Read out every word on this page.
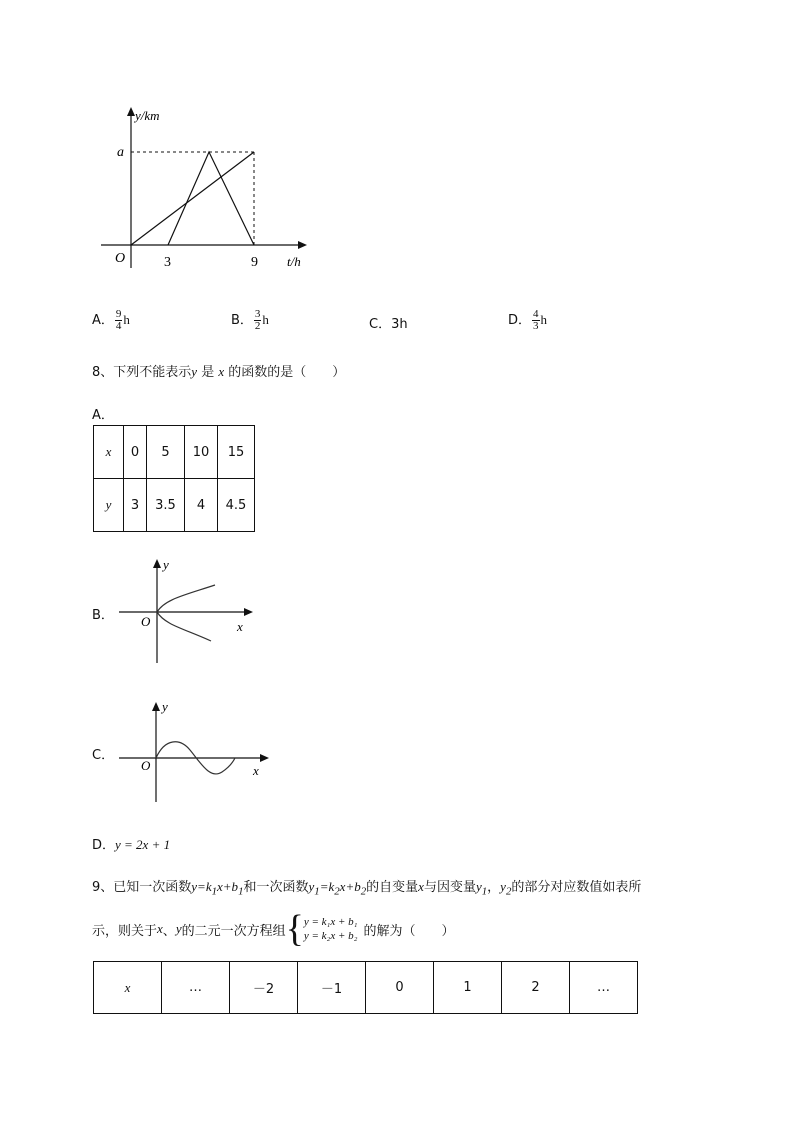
y/km
a
O	3	9 t/h
A． $\frac{9}{4}$ h	B． $\frac{3}{2}$ h	C．3h	D． $\frac{4}{3}$ h
8、下列不能表示y 是 x 的函数的是（　　）
A．
x	0	5	10	15
y	3	3.5	4	4.5
B．
y
x
O
C．
y
x
O
D．y = 2x + 1
9、已知一次函数$y=k_1x+b_1$和一次函数$y_1=k_2x+b_2$的自变量x与因变量$y_1$，$y_2$的部分对应数值如表所
示，则关于 x 、 y 的二元一次方程组 { y = k₁x + b₁
y = k₂x + b₂ 的解为（　　）
x	…	－2	－1	0	1	2	…
